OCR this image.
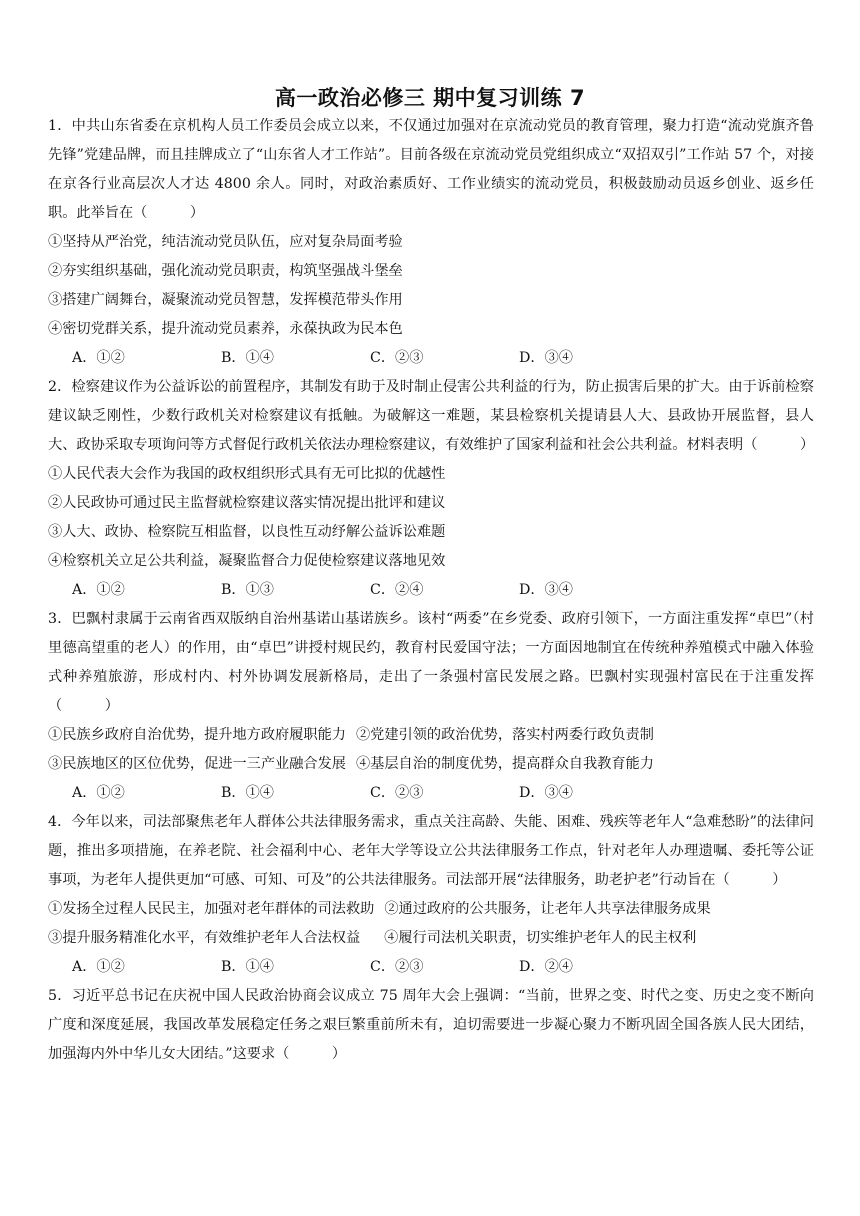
高一政治必修三 期中复习训练 7
1．中共山东省委在京机构人员工作委员会成立以来，不仅通过加强对在京流动党员的教育管理，聚力打造“流动党旗齐鲁先锋”党建品牌，而且挂牌成立了“山东省人才工作站”。目前各级在京流动党员党组织成立“双招双引”工作站 57 个，对接在京各行业高层次人才达 4800 余人。同时，对政治素质好、工作业绩实的流动党员，积极鼓励动员返乡创业、返乡任职。此举旨在（　　　）
①坚持从严治党，纯洁流动党员队伍，应对复杂局面考验
②夯实组织基础，强化流动党员职责，构筑坚强战斗堡垒
③搭建广阔舞台，凝聚流动党员智慧，发挥模范带头作用
④密切党群关系，提升流动党员素养，永葆执政为民本色
A．①②	B．①④	C．②③	D．③④
2．检察建议作为公益诉讼的前置程序，其制发有助于及时制止侵害公共利益的行为，防止损害后果的扩大。由于诉前检察建议缺乏刚性，少数行政机关对检察建议有抵触。为破解这一难题，某县检察机关提请县人大、县政协开展监督，县人大、政协采取专项询问等方式督促行政机关依法办理检察建议，有效维护了国家利益和社会公共利益。材料表明（　　　）
①人民代表大会作为我国的政权组织形式具有无可比拟的优越性
②人民政协可通过民主监督就检察建议落实情况提出批评和建议
③人大、政协、检察院互相监督，以良性互动纾解公益诉讼难题
④检察机关立足公共利益，凝聚监督合力促使检察建议落地见效
A．①②	B．①③	C．②④	D．③④
3．巴飘村隶属于云南省西双版纳自治州基诺山基诺族乡。该村“两委”在乡党委、政府引领下，一方面注重发挥“卓巴”（村里德高望重的老人）的作用，由“卓巴”讲授村规民约，教育村民爱国守法；一方面因地制宜在传统种养殖模式中融入体验式种养殖旅游，形成村内、村外协调发展新格局，走出了一条强村富民发展之路。巴飘村实现强村富民在于注重发挥（　　　）
①民族乡政府自治优势，提升地方政府履职能力 ②党建引领的政治优势，落实村两委行政负责制
③民族地区的区位优势，促进一三产业融合发展 ④基层自治的制度优势，提高群众自我教育能力
A．①②	B．①④	C．②③	D．③④
4．今年以来，司法部聚焦老年人群体公共法律服务需求，重点关注高龄、失能、困难、残疾等老年人“急难愁盼”的法律问题，推出多项措施，在养老院、社会福利中心、老年大学等设立公共法律服务工作点，针对老年人办理遗嘱、委托等公证事项，为老年人提供更加“可感、可知、可及”的公共法律服务。司法部开展“法律服务，助老护老”行动旨在（　　　）
①发扬全过程人民民主，加强对老年群体的司法救助 ②通过政府的公共服务，让老年人共享法律服务成果
③提升服务精准化水平，有效维护老年人合法权益 ④履行司法机关职责，切实维护老年人的民主权利
A．①②	B．①④	C．②③	D．②④
5．习近平总书记在庆祝中国人民政治协商会议成立 75 周年大会上强调：“当前，世界之变、时代之变、历史之变不断向广度和深度延展，我国改革发展稳定任务之艰巨繁重前所未有，迫切需要进一步凝心聚力不断巩固全国各族人民大团结，加强海内外中华儿女大团结。”这要求（　　　）
